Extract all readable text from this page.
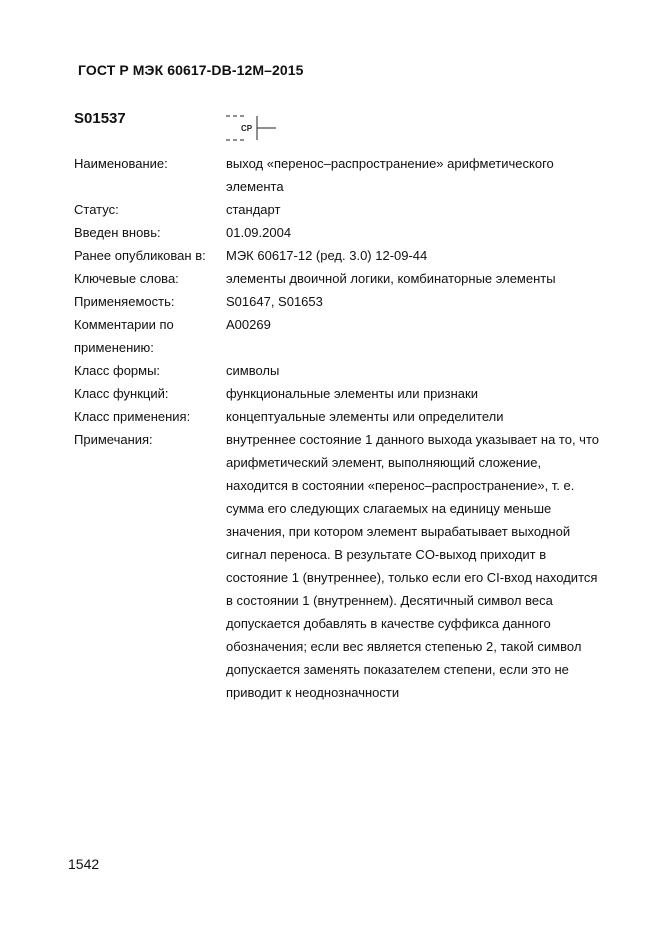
ГОСТ Р МЭК 60617-DB-12M–2015
S01537
CP
Наименование:	выход «перенос–распространение» арифметического
элемента
Статус:	стандарт
Введен вновь:	01.09.2004
Ранее опубликован в:	МЭК 60617-12 (ред. 3.0) 12-09-44
Ключевые слова:	элементы двоичной логики, комбинаторные элементы
Применяемость:	S01647, S01653
Комментарии по
применению:
A00269
Класс формы:	символы
Класс функций:	функциональные элементы или признаки
Класс применения:	концептуальные элементы или определители
Примечания:	внутреннее состояние 1 данного выхода указывает на то, что
арифметический элемент, выполняющий сложение,
находится в состоянии «перенос–распространение», т. е.
сумма его следующих слагаемых на единицу меньше
значения, при котором элемент вырабатывает выходной
сигнал переноса. В результате CO-выход приходит в
состояние 1 (внутреннее), только если его CI-вход находится
в состоянии 1 (внутреннем). Десятичный символ веса
допускается добавлять в качестве суффикса данного
обозначения; если вес является степенью 2, такой символ
допускается заменять показателем степени, если это не
приводит к неоднозначности
1542
